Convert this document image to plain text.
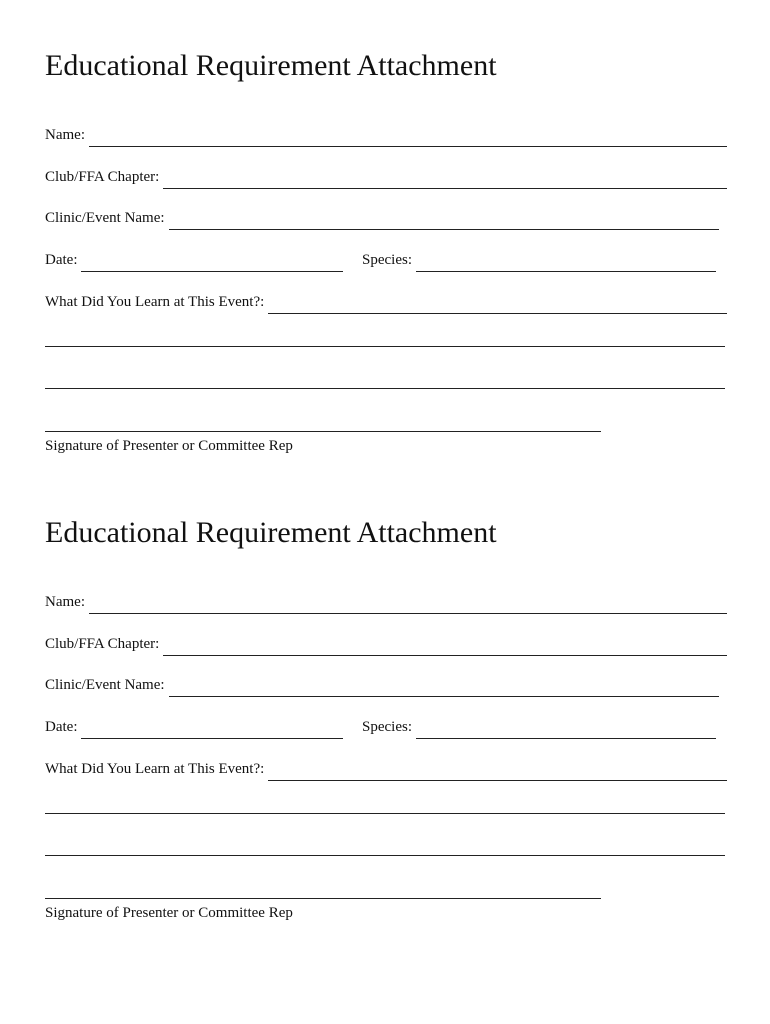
Educational Requirement Attachment
Name:
Club/FFA Chapter:
Clinic/Event Name:
Date:	Species:
What Did You Learn at This Event?:
Signature of Presenter or Committee Rep
Educational Requirement Attachment
Name:
Club/FFA Chapter:
Clinic/Event Name:
Date:	Species:
What Did You Learn at This Event?:
Signature of Presenter or Committee Rep
